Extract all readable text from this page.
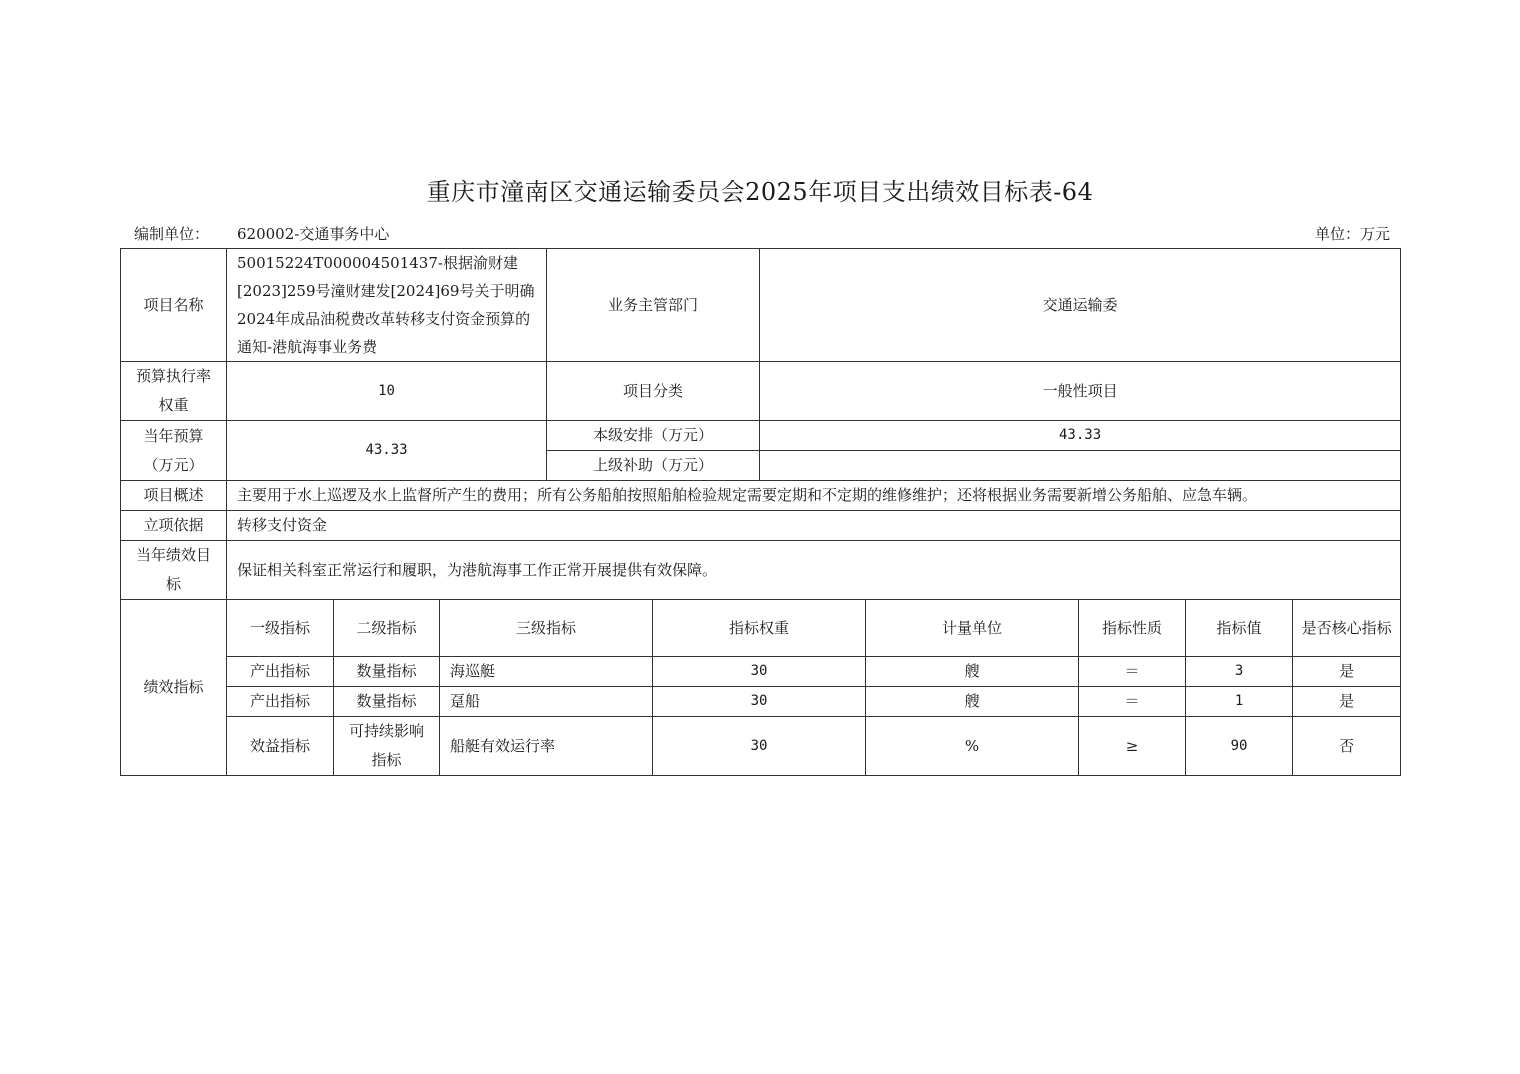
重庆市潼南区交通运输委员会2025年项目支出绩效目标表-64
编制单位： 620002-交通事务中心	单位：万元
项目名称	50015224T000004501437-根据渝财建[2023]259号潼财建发[2024]69号关于明确2024年成品油税费改革转移支付资金预算的通知-港航海事业务费			业务主管部门		交通运输委				
预算执行率权重	10			项目分类		一般性项目				
当年预算（万元）	43.33			本级安排（万元）		43.33				
				上级补助（万元）						
项目概述	主要用于水上巡逻及水上监督所产生的费用；所有公务船舶按照船舶检验规定需要定期和不定期的维修维护；还将根据业务需要新增公务船舶、应急车辆。									
立项依据	转移支付资金									
当年绩效目标	保证相关科室正常运行和履职，为港航海事工作正常开展提供有效保障。									
绩效指标	一级指标	二级指标	三级指标		指标权重		计量单位	指标性质	指标值	是否核心指标
	产出指标	数量指标	海巡艇		30		艘	＝	3	是
	产出指标	数量指标	趸船		30		艘	＝	1	是
	效益指标	可持续影响指标	船艇有效运行率		30		%	≥	90	否
